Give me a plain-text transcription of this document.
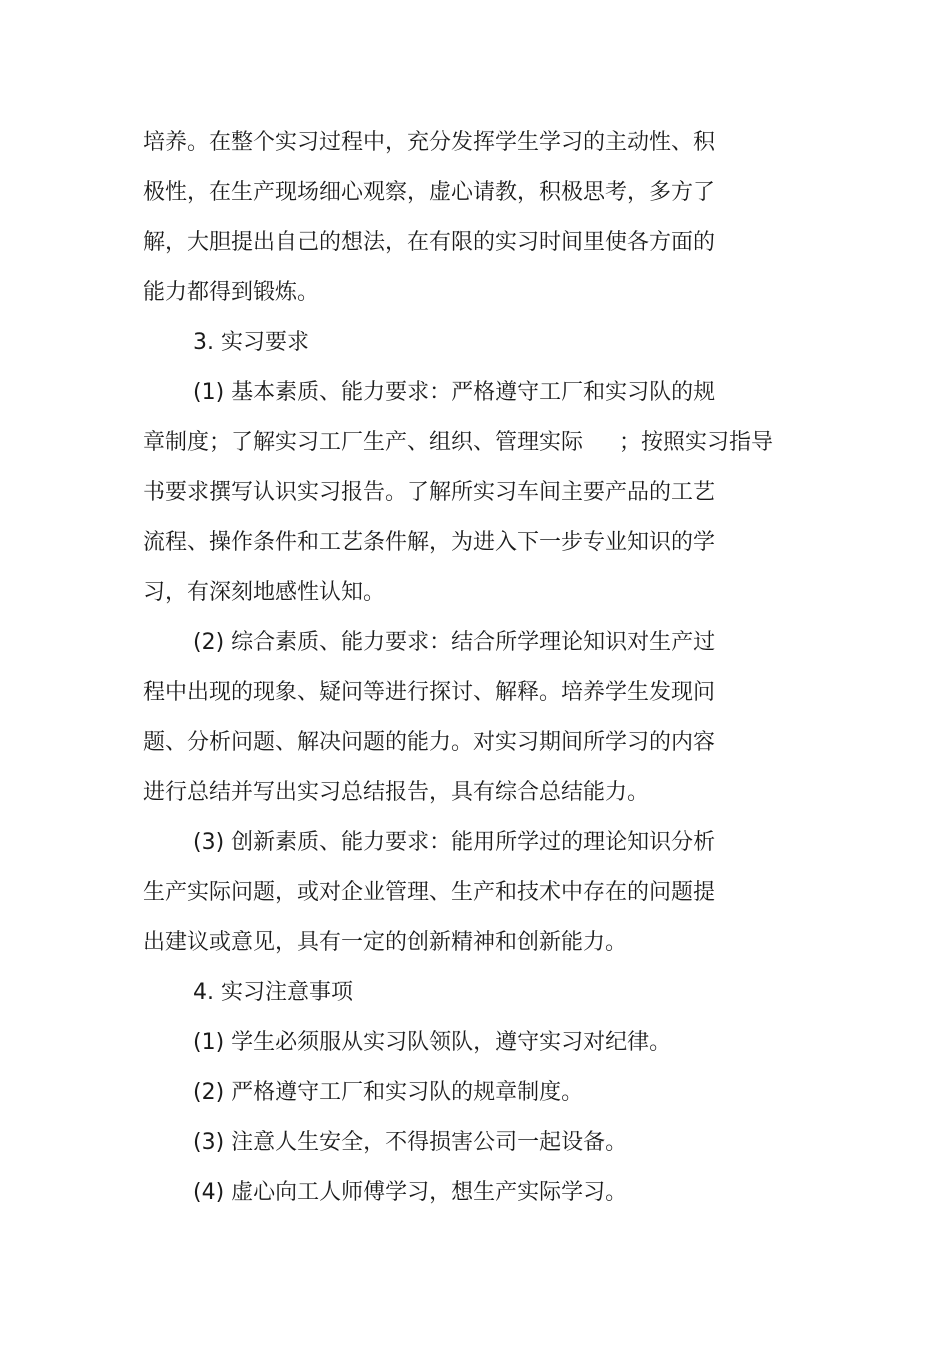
培养。在整个实习过程中，充分发挥学生学习的主动性、积
极性，在生产现场细心观察，虚心请教，积极思考，多方了
解，大胆提出自己的想法，在有限的实习时间里使各方面的
能力都得到锻炼。
3. 实习要求
(1) 基本素质、能力要求：严格遵守工厂和实习队的规
章制度；了解实习工厂生产、组织、管理实际 ；按照实习指导
书要求撰写认识实习报告。了解所实习车间主要产品的工艺
流程、操作条件和工艺条件解，为进入下一步专业知识的学
习，有深刻地感性认知。
(2) 综合素质、能力要求：结合所学理论知识对生产过
程中出现的现象、疑问等进行探讨、解释。培养学生发现问
题、分析问题、解决问题的能力。对实习期间所学习的内容
进行总结并写出实习总结报告，具有综合总结能力。
(3) 创新素质、能力要求：能用所学过的理论知识分析
生产实际问题，或对企业管理、生产和技术中存在的问题提
出建议或意见，具有一定的创新精神和创新能力。
4. 实习注意事项
(1) 学生必须服从实习队领队，遵守实习对纪律。
(2) 严格遵守工厂和实习队的规章制度。
(3) 注意人生安全，不得损害公司一起设备。
(4) 虚心向工人师傅学习，想生产实际学习。
